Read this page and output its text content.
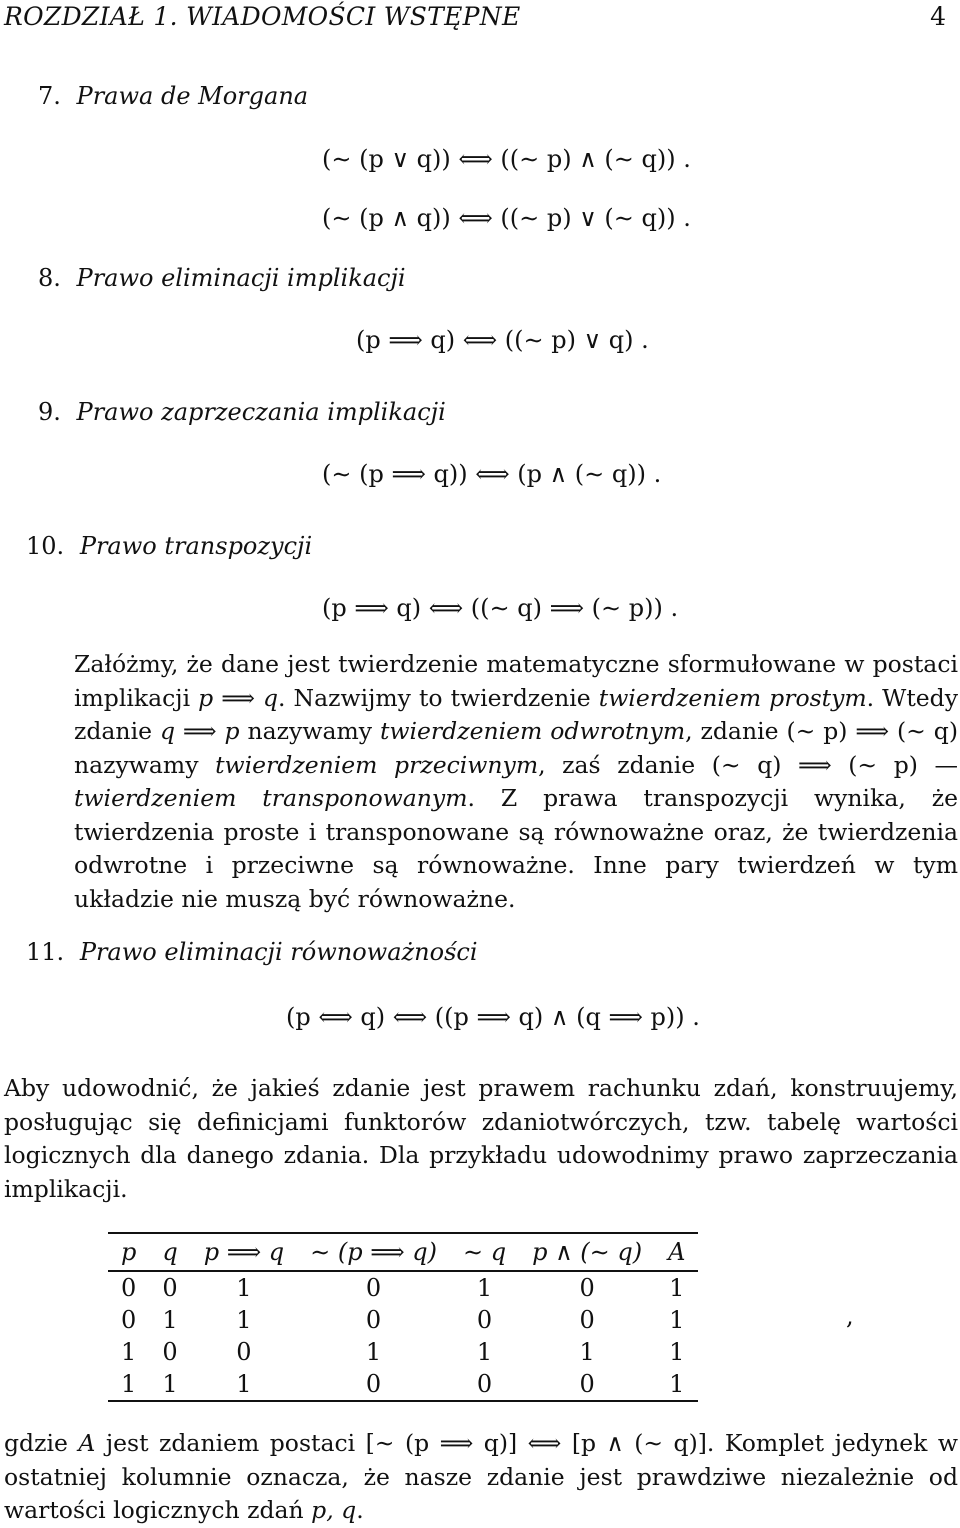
ROZDZIAŁ 1. WIADOMOŚCI WSTĘPNE	4
7. Prawa de Morgana
(∼ (p ∨ q)) ⟺ ((∼ p) ∧ (∼ q)) .
(∼ (p ∧ q)) ⟺ ((∼ p) ∨ (∼ q)) .
8. Prawo eliminacji implikacji
(p ⟹ q) ⟺ ((∼ p) ∨ q) .
9. Prawo zaprzeczania implikacji
(∼ (p ⟹ q)) ⟺ (p ∧ (∼ q)) .
10. Prawo transpozycji
(p ⟹ q) ⟺ ((∼ q) ⟹ (∼ p)) .
Załóżmy, że dane jest twierdzenie matematyczne sformułowane w postaci implikacji p ⟹ q. Nazwijmy to twierdzenie twierdzeniem prostym. Wtedy zdanie q ⟹ p nazywamy twierdzeniem odwrotnym, zdanie (∼ p) ⟹ (∼ q) nazywamy twierdzeniem przeciwnym, zaś zdanie (∼ q) ⟹ (∼ p) — twierdzeniem transponowanym. Z prawa transpozycji wynika, że twierdzenia proste i transponowane są równoważne oraz, że twierdzenia odwrotne i przeciwne są równoważne. Inne pary twierdzeń w tym układzie nie muszą być równoważne.
11. Prawo eliminacji równoważności
(p ⟺ q) ⟺ ((p ⟹ q) ∧ (q ⟹ p)) .
Aby udowodnić, że jakieś zdanie jest prawem rachunku zdań, konstruujemy, posługując się definicjami funktorów zdaniotwórczych, tzw. tabelę wartości logicznych dla danego zdania. Dla przykładu udowodnimy prawo zaprzeczania implikacji.
p	q	p ⟹ q	∼ (p ⟹ q)	∼ q	p ∧ (∼ q)	A
0	0	1	0	1	0	1
0	1	1	0	0	0	1
1	0	0	1	1	1	1
1	1	1	0	0	0	1
,
gdzie A jest zdaniem postaci [∼ (p ⟹ q)] ⟺ [p ∧ (∼ q)]. Komplet jedynek w ostatniej kolumnie oznacza, że nasze zdanie jest prawdziwe niezależnie od wartości logicznych zdań p, q.
